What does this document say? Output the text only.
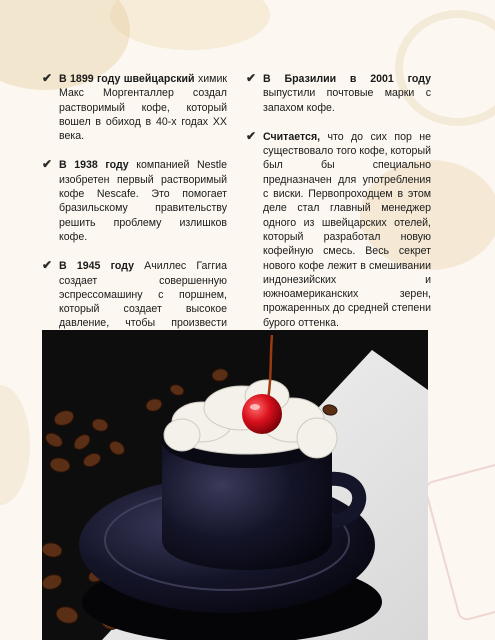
✔ В 1899 году швейцарский химик Макс Моргенталлер создал растворимый кофе, который вошел в обиход в 40-х годах XX века.
✔ В 1938 году компанией Nestle изобретен первый растворимый кофе Nescafe. Это помогает бразильскому правительству решить проблему излишков кофе.
✔ В 1945 году Ачиллес Гаггиа создает совершенную эспрессомашину с поршнем, который создает высокое давление, чтобы произвести
✔ В Бразилии в 2001 году выпустили почтовые марки с запахом кофе.
✔ Считается, что до сих пор не существовало того кофе, который был бы специально предназначен для употребления с виски. Первопроходцем в этом деле стал главный менеджер одного из швейцарских отелей, который разработал новую кофейную смесь. Весь секрет нового кофе лежит в смешивании индонезийских и южноамериканских зерен, прожаренных до средней степени бурого оттенка.
